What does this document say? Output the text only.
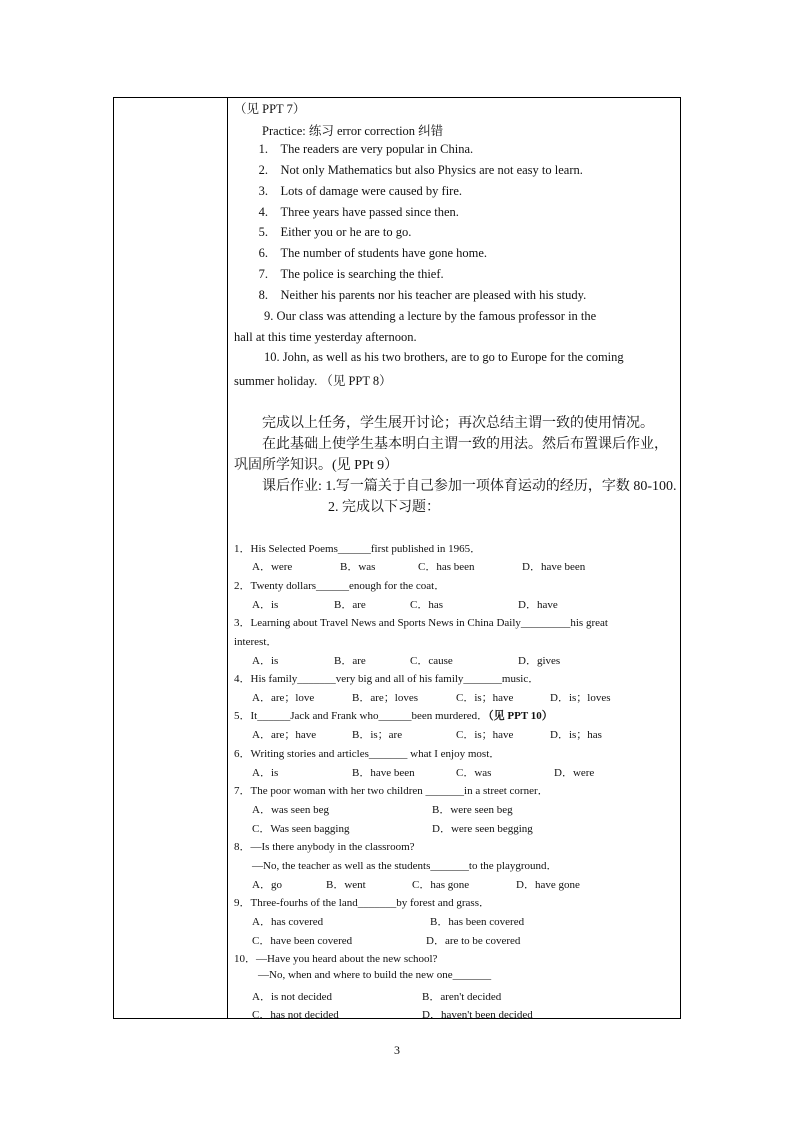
（见 PPT 7）
Practice: 练习 error correction 纠错
1. The readers are very popular in China.
2. Not only Mathematics but also Physics are not easy to learn.
3. Lots of damage were caused by fire.
4. Three years have passed since then.
5. Either you or he are to go.
6. The number of students have gone home.
7. The police is searching the thief.
8. Neither his parents nor his teacher are pleased with his study.
9. Our class was attending a lecture by the famous professor in the
hall at this time yesterday afternoon.
10. John, as well as his two brothers, are to go to Europe for the coming
summer holiday. （见 PPT 8）
完成以上任务，学生展开讨论；再次总结主谓一致的使用情况。
在此基础上使学生基本明白主谓一致的用法。然后布置课后作业，
巩固所学知识。(见 PPt 9）
课后作业: 1.写一篇关于自己参加一项体育运动的经历，字数 80-100.
2. 完成以下习题：
1．His Selected Poems______first published in 1965．
A．were	B．was	C．has been	D．have been
2．Twenty dollars______enough for the coat．
A．is	B．are	C．has	D．have
3．Learning about Travel News and Sports News in China Daily_________his great
interest．
A．is	B．are	C．cause	D．gives
4．His family_______very big and all of his family_______music．
A．are；love	B．are；loves	C．is；have	D．is；loves
5．It______Jack and Frank who______been murdered．（见 PPT 10）
A．are；have	B．is；are	C．is；have	D．is；has
6．Writing stories and articles_______ what I enjoy most．
A．is	B．have been	C．was	D．were
7．The poor woman with her two children _______in a street corner．
A．was seen beg	B．were seen beg
C．Was seen bagging	D．were seen begging
8．—Is there anybody in the classroom?
—No, the teacher as well as the students_______to the playground．
A．go	B．went	C．has gone	D．have gone
9．Three-fourhs of the land_______by forest and grass．
A．has covered	B．has been covered
C．have been covered	D．are to be covered
10．—Have you heard about the new school?
—No, when and where to build the new one_______
A．is not decided	B．aren't decided
C．has not decided	D．haven't been decided
3
